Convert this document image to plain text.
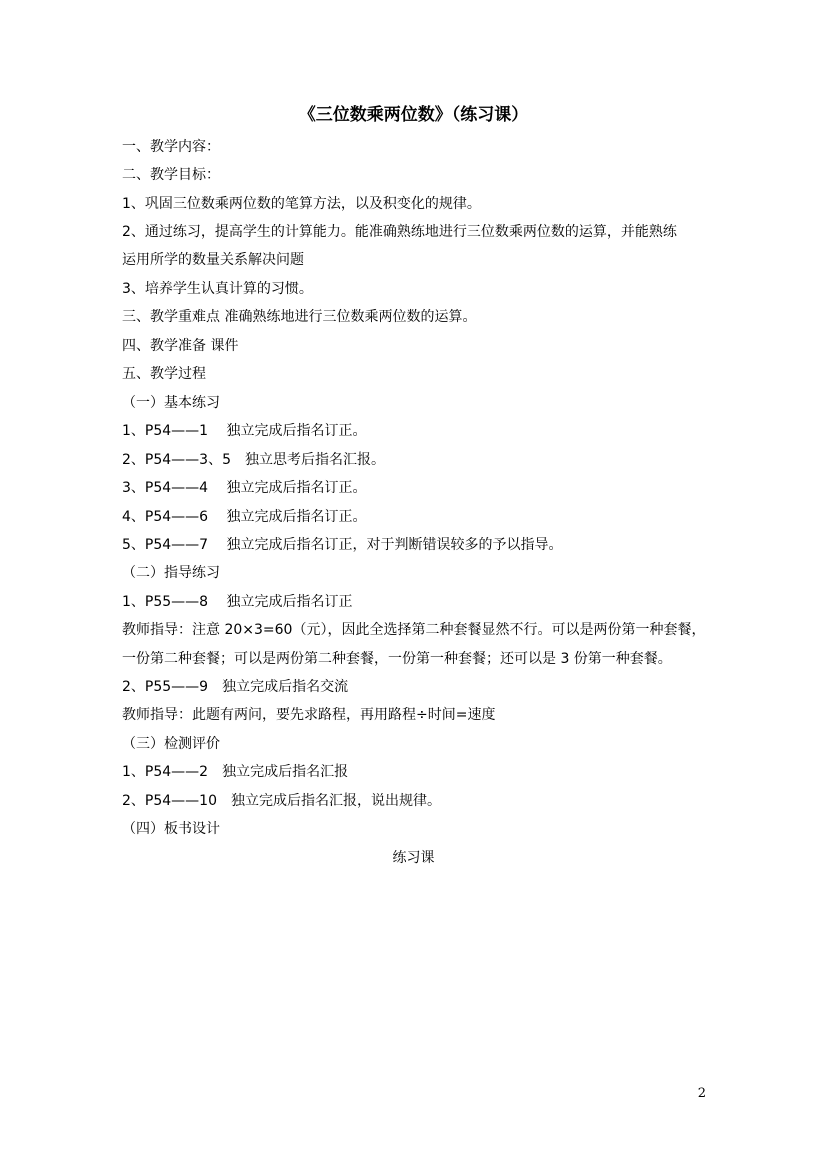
《三位数乘两位数》（练习课）
一、教学内容：
二、教学目标：
1、巩固三位数乘两位数的笔算方法，以及积变化的规律。
2、通过练习，提高学生的计算能力。能准确熟练地进行三位数乘两位数的运算，并能熟练
运用所学的数量关系解决问题
3、培养学生认真计算的习惯。
三、教学重难点 准确熟练地进行三位数乘两位数的运算。
四、教学准备 课件
五、教学过程
（一）基本练习
1、P54——1　 独立完成后指名订正。
2、P54——3、5　独立思考后指名汇报。
3、P54——4　 独立完成后指名订正。
4、P54——6　 独立完成后指名订正。
5、P54——7　 独立完成后指名订正，对于判断错误较多的予以指导。
（二）指导练习
1、P55——8　 独立完成后指名订正
教师指导：注意 20×3=60（元），因此全选择第二种套餐显然不行。可以是两份第一种套餐，
一份第二种套餐；可以是两份第二种套餐，一份第一种套餐；还可以是 3 份第一种套餐。
2、P55——9　独立完成后指名交流
教师指导：此题有两问，要先求路程，再用路程÷时间=速度
（三）检测评价
1、P54——2　独立完成后指名汇报
2、P54——10　独立完成后指名汇报，说出规律。
（四）板书设计
练习课
2
